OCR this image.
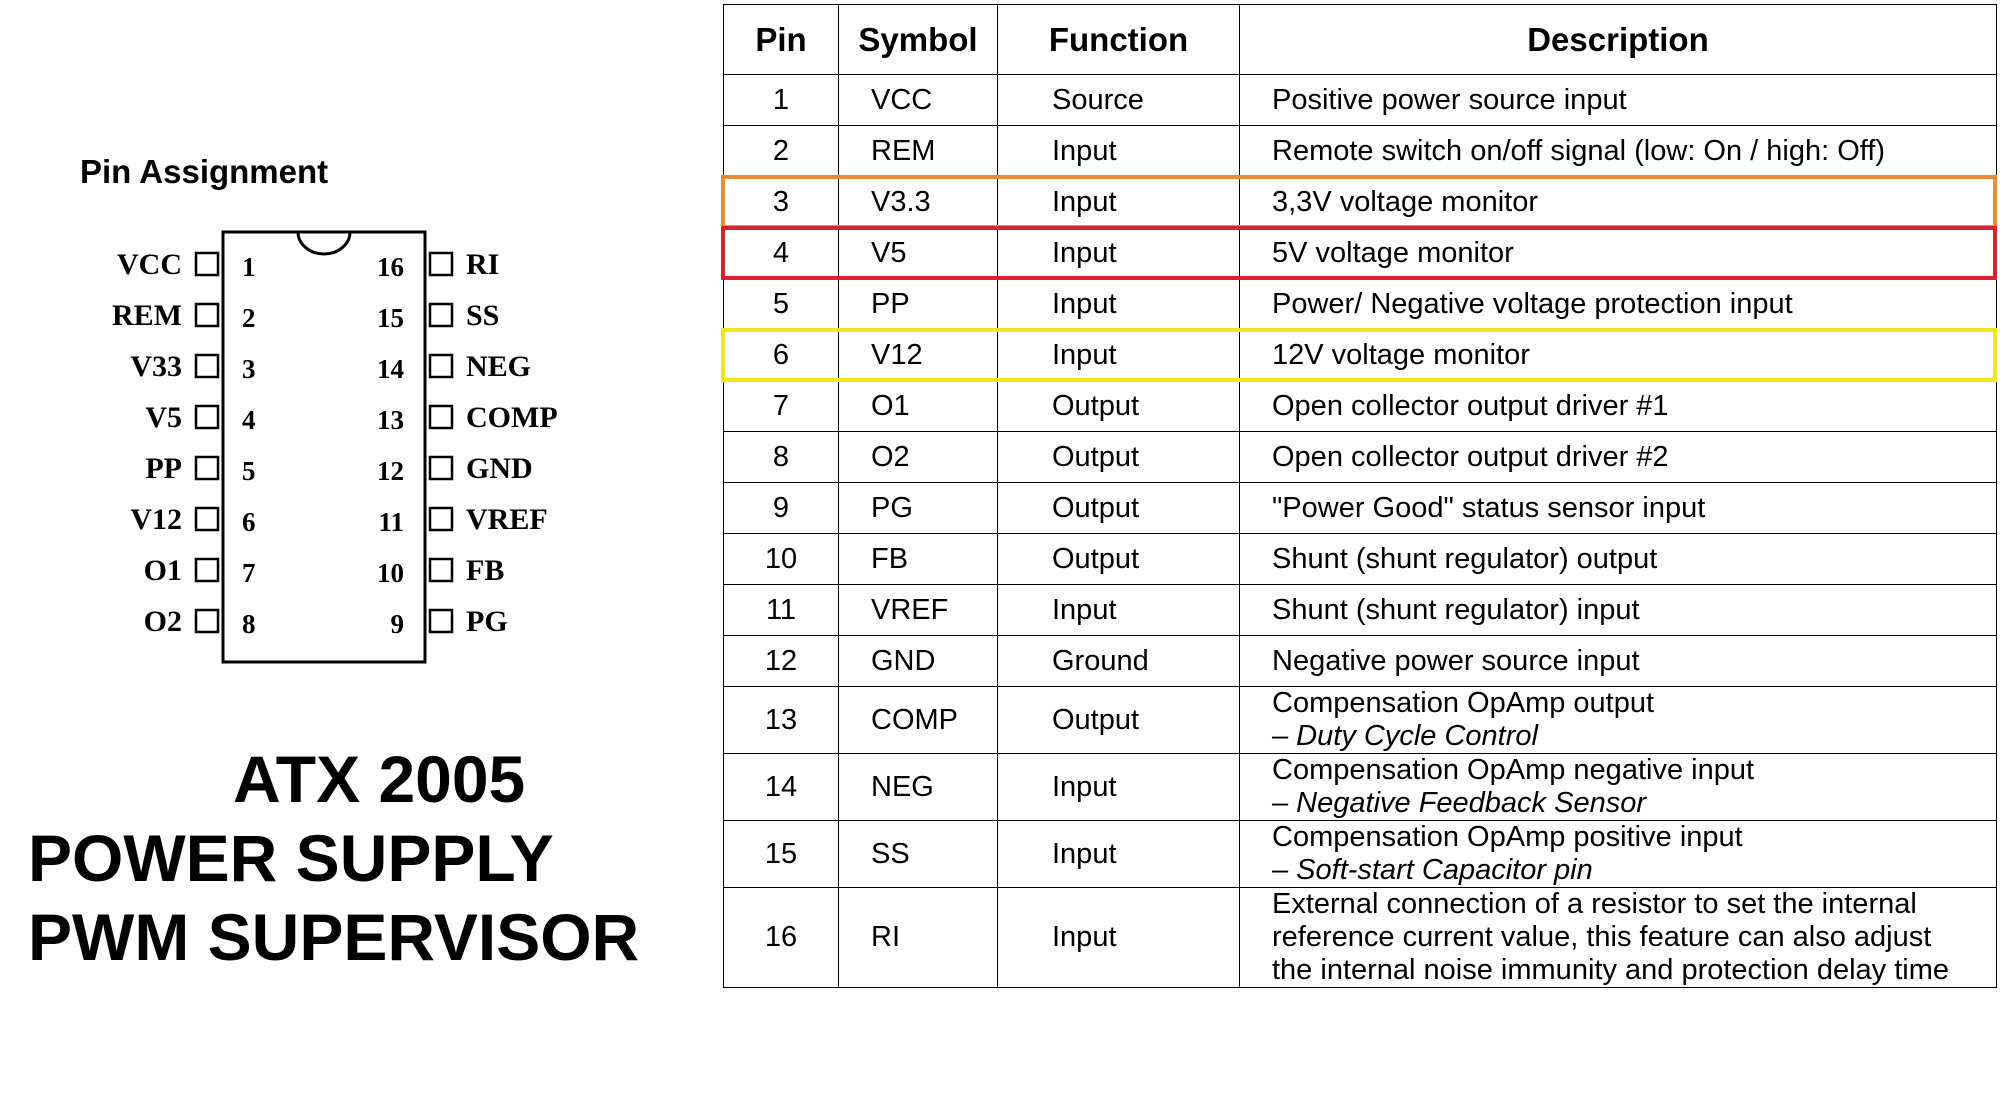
Pin Assignment
VCC 1
REM 2
V33 3
V5 4
PP 5
V12 6
O1 7
O2 8
RI
16
SS
15
NEG
14
COMP
13
GND
12
VREF
11
FB
10
PG
9
ATX 2005
POWER SUPPLY
PWM SUPERVISOR
Pin	Symbol	Function	Description
1	VCC	Source	Positive power source input

2	REM	Input	Remote switch on/off signal (low: On / high: Off)

3	V3.3	Input	3,3V voltage monitor

4	V5	Input	5V voltage monitor

5	PP	Input	Power/ Negative voltage protection input

6	V12	Input	12V voltage monitor

7	O1	Output	Open collector output driver #1

8	O2	Output	Open collector output driver #2

9	PG	Output	"Power Good" status sensor input

10	FB	Output	Shunt (shunt regulator) output

11	VREF	Input	Shunt (shunt regulator) input

12	GND	Ground	Negative power source input

13	COMP	Output	Compensation OpAmp output
– Duty Cycle Control

14	NEG	Input	Compensation OpAmp negative input
– Negative Feedback Sensor

15	SS	Input	Compensation OpAmp positive input
– Soft-start Capacitor pin

16	RI	Input	External connection of a resistor to set the internal
reference current value, this feature can also adjust
the internal noise immunity and protection delay time
